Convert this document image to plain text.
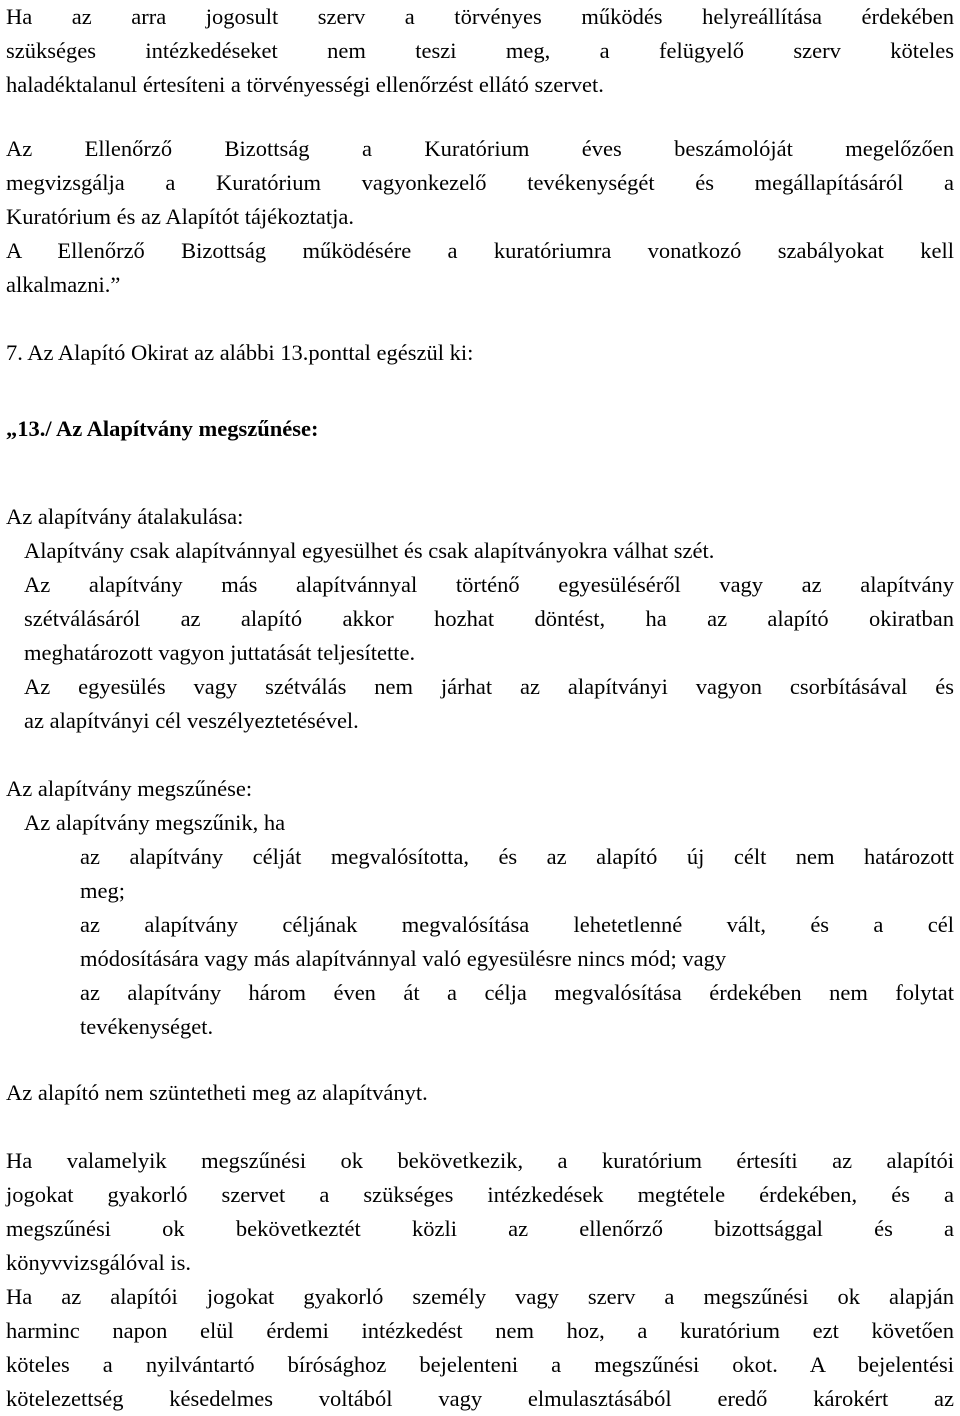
Ha az arra jogosult szerv a törvényes működés helyreállítása érdekében
szükséges intézkedéseket nem teszi meg, a felügyelő szerv köteles
haladéktalanul értesíteni a törvényességi ellenőrzést ellátó szervet.
Az Ellenőrző Bizottság a Kuratórium éves beszámolóját megelőzően
megvizsgálja a Kuratórium vagyonkezelő tevékenységét és megállapításáról a
Kuratórium és az Alapítót tájékoztatja.
A Ellenőrző Bizottság működésére a kuratóriumra vonatkozó szabályokat kell
alkalmazni.”
7. Az Alapító Okirat az alábbi 13.ponttal egészül ki:
„13./ Az Alapítvány megszűnése:
Az alapítvány átalakulása:
Alapítvány csak alapítvánnyal egyesülhet és csak alapítványokra válhat szét.
Az alapítvány más alapítvánnyal történő egyesüléséről vagy az alapítvány
szétválásáról az alapító akkor hozhat döntést, ha az alapító okiratban
meghatározott vagyon juttatását teljesítette.
Az egyesülés vagy szétválás nem járhat az alapítványi vagyon csorbításával és
az alapítványi cél veszélyeztetésével.
Az alapítvány megszűnése:
Az alapítvány megszűnik, ha
az alapítvány célját megvalósította, és az alapító új célt nem határozott
meg;
az alapítvány céljának megvalósítása lehetetlenné vált, és a cél
módosítására vagy más alapítvánnyal való egyesülésre nincs mód; vagy
az alapítvány három éven át a célja megvalósítása érdekében nem folytat
tevékenységet.
Az alapító nem szüntetheti meg az alapítványt.
Ha valamelyik megszűnési ok bekövetkezik, a kuratórium értesíti az alapítói
jogokat gyakorló szervet a szükséges intézkedések megtétele érdekében, és a
megszűnési ok bekövetkeztét közli az ellenőrző bizottsággal és a
könyvvizsgálóval is.
Ha az alapítói jogokat gyakorló személy vagy szerv a megszűnési ok alapján
harminc napon elül érdemi intézkedést nem hoz, a kuratórium ezt követően
köteles a nyilvántartó bírósághoz bejelenteni a megszűnési okot. A bejelentési
kötelezettség késedelmes voltából vagy elmulasztásából eredő károkért az
